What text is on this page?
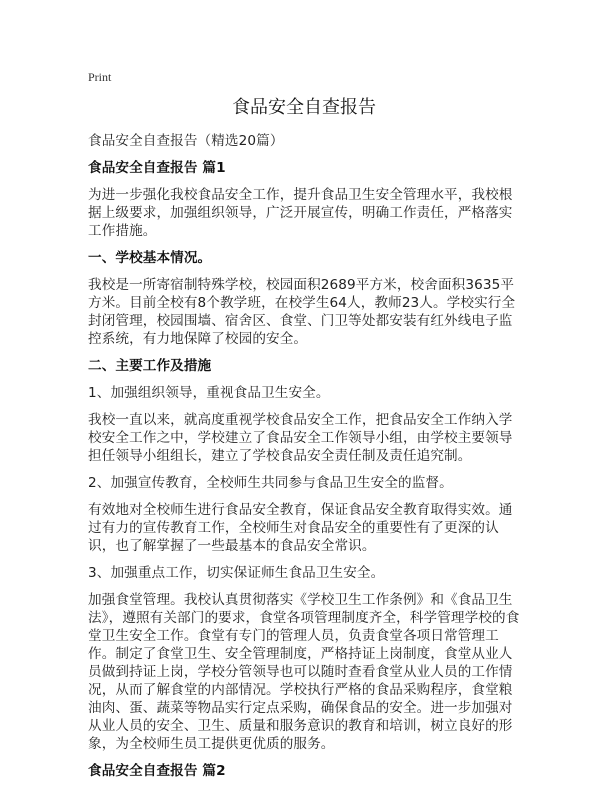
Print
食品安全自查报告

食品安全自查报告（精选20篇）

食品安全自查报告 篇1

为进一步强化我校食品安全工作，提升食品卫生安全管理水平，我校根据上级要求，加强组织领导，广泛开展宣传，明确工作责任，严格落实工作措施。

一、学校基本情况。

我校是一所寄宿制特殊学校，校园面积2689平方米，校舍面积3635平方米。目前全校有8个教学班，在校学生64人，教师23人。学校实行全封闭管理，校园围墙、宿舍区、食堂、门卫等处都安装有红外线电子监控系统，有力地保障了校园的安全。

二、主要工作及措施

1、加强组织领导，重视食品卫生安全。

我校一直以来，就高度重视学校食品安全工作，把食品安全工作纳入学校安全工作之中，学校建立了食品安全工作领导小组，由学校主要领导担任领导小组组长，建立了学校食品安全责任制及责任追究制。

2、加强宣传教育，全校师生共同参与食品卫生安全的监督。

有效地对全校师生进行食品安全教育，保证食品安全教育取得实效。通过有力的宣传教育工作，全校师生对食品安全的重要性有了更深的认识，也了解掌握了一些最基本的食品安全常识。

3、加强重点工作，切实保证师生食品卫生安全。

加强食堂管理。我校认真贯彻落实《学校卫生工作条例》和《食品卫生法》，遵照有关部门的要求，食堂各项管理制度齐全，科学管理学校的食堂卫生安全工作。食堂有专门的管理人员，负责食堂各项日常管理工作。制定了食堂卫生、安全管理制度，严格持证上岗制度，食堂从业人员做到持证上岗，学校分管领导也可以随时查看食堂从业人员的工作情况，从而了解食堂的内部情况。学校执行严格的食品采购程序，食堂粮油肉、蛋、蔬菜等物品实行定点采购，确保食品的安全。进一步加强对从业人员的安全、卫生、质量和服务意识的教育和培训，树立良好的形象，为全校师生员工提供更优质的服务。

食品安全自查报告 篇2
